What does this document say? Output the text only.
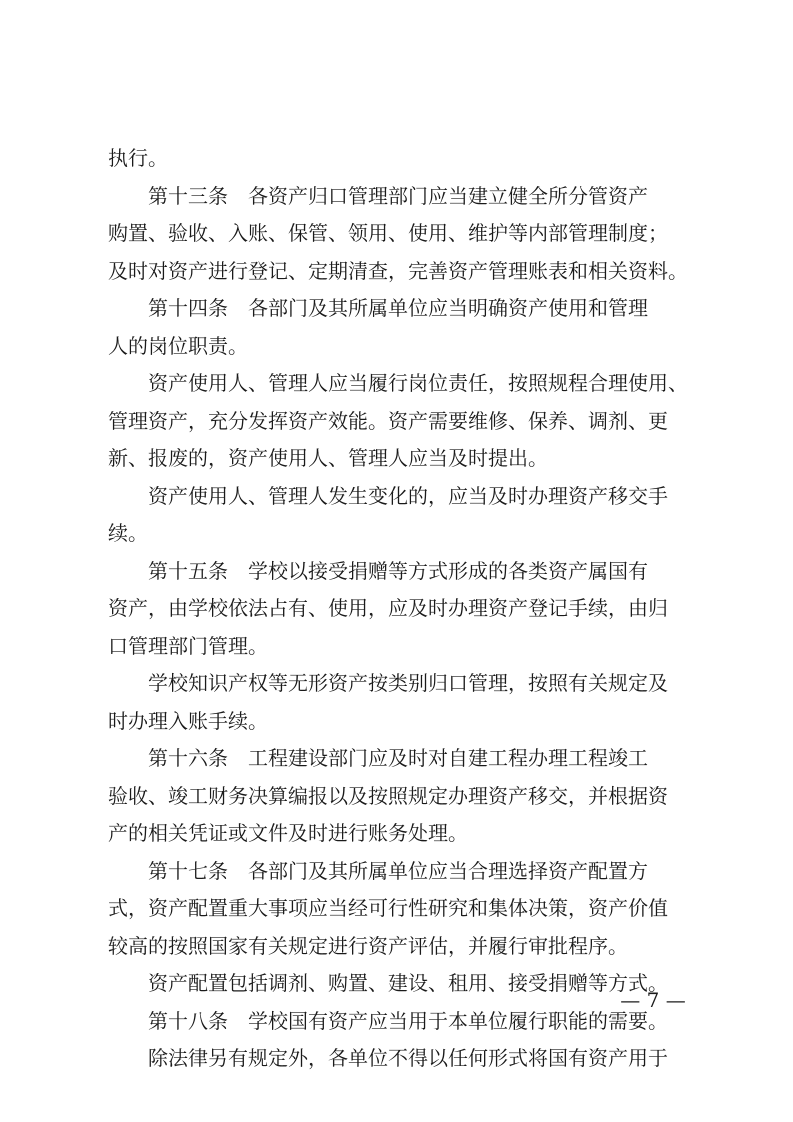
执行。
　　第十三条　各资产归口管理部门应当建立健全所分管资产
购置、验收、入账、保管、领用、使用、维护等内部管理制度；
及时对资产进行登记、定期清查，完善资产管理账表和相关资料。
　　第十四条　各部门及其所属单位应当明确资产使用和管理
人的岗位职责。
　　资产使用人、管理人应当履行岗位责任，按照规程合理使用、
管理资产，充分发挥资产效能。资产需要维修、保养、调剂、更
新、报废的，资产使用人、管理人应当及时提出。
　　资产使用人、管理人发生变化的，应当及时办理资产移交手
续。
　　第十五条　学校以接受捐赠等方式形成的各类资产属国有
资产，由学校依法占有、使用，应及时办理资产登记手续，由归
口管理部门管理。
　　学校知识产权等无形资产按类别归口管理，按照有关规定及
时办理入账手续。
　　第十六条　工程建设部门应及时对自建工程办理工程竣工
验收、竣工财务决算编报以及按照规定办理资产移交，并根据资
产的相关凭证或文件及时进行账务处理。
　　第十七条　各部门及其所属单位应当合理选择资产配置方
式，资产配置重大事项应当经可行性研究和集体决策，资产价值
较高的按照国家有关规定进行资产评估，并履行审批程序。
　　资产配置包括调剂、购置、建设、租用、接受捐赠等方式。
　　第十八条　学校国有资产应当用于本单位履行职能的需要。
　　除法律另有规定外，各单位不得以任何形式将国有资产用于
— 7 —
